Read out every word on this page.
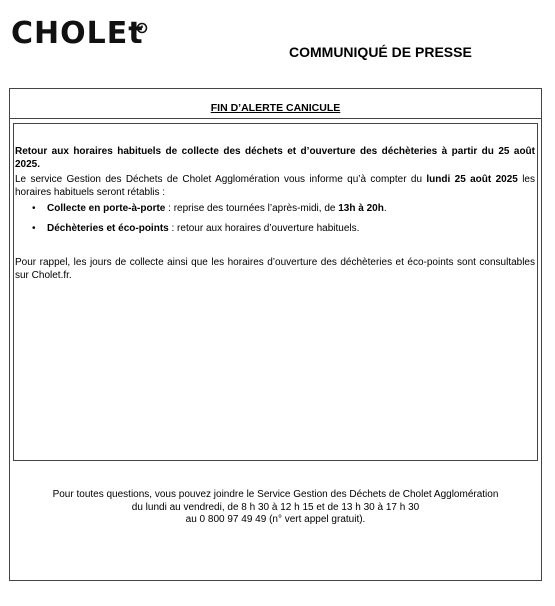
CHOLEt
COMMUNIQUÉ DE PRESSE
FIN D’ALERTE CANICULE

Retour aux horaires habituels de collecte des déchets et d’ouverture des déchèteries à partir du 25 août 2025.

Le service Gestion des Déchets de Cholet Agglomération vous informe qu’à compter du lundi 25 août 2025 les horaires habituels seront rétablis :

• Collecte en porte-à-porte : reprise des tournées l’après-midi, de 13h à 20h.
• Déchèteries et éco-points : retour aux horaires d’ouverture habituels.

Pour rappel, les jours de collecte ainsi que les horaires d’ouverture des déchèteries et éco-points sont consultables sur Cholet.fr.

Pour toutes questions, vous pouvez joindre le Service Gestion des Déchets de Cholet Agglomération
du lundi au vendredi, de 8 h 30 à 12 h 15 et de 13 h 30 à 17 h 30
au 0 800 97 49 49 (n° vert appel gratuit).
